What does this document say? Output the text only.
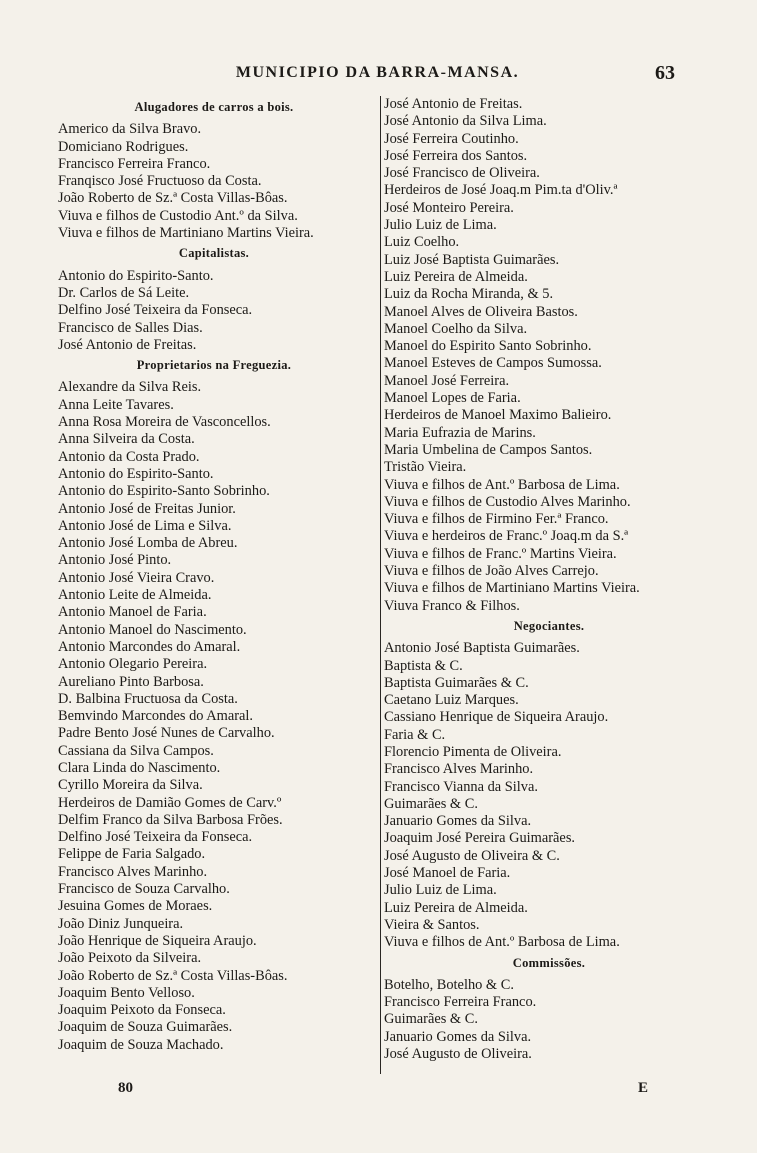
MUNICIPIO DA BARRA-MANSA.	63
Alugadores de carros a bois.
Americo da Silva Bravo.
Domiciano Rodrigues.
Francisco Ferreira Franco.
Franqisco José Fructuoso da Costa.
João Roberto de Sz.ª Costa Villas-Bôas.
Viuva e filhos de Custodio Ant.º da Silva.
Viuva e filhos de Martiniano Martins Vieira.
Capitalistas.
Antonio do Espirito-Santo.
Dr. Carlos de Sá Leite.
Delfino José Teixeira da Fonseca.
Francisco de Salles Dias.
José Antonio de Freitas.
Proprietarios na Freguezia.
Alexandre da Silva Reis.
Anna Leite Tavares.
Anna Rosa Moreira de Vasconcellos.
Anna Silveira da Costa.
Antonio da Costa Prado.
Antonio do Espirito-Santo.
Antonio do Espirito-Santo Sobrinho.
Antonio José de Freitas Junior.
Antonio José de Lima e Silva.
Antonio José Lomba de Abreu.
Antonio José Pinto.
Antonio José Vieira Cravo.
Antonio Leite de Almeida.
Antonio Manoel de Faria.
Antonio Manoel do Nascimento.
Antonio Marcondes do Amaral.
Antonio Olegario Pereira.
Aureliano Pinto Barbosa.
D. Balbina Fructuosa da Costa.
Bemvindo Marcondes do Amaral.
Padre Bento José Nunes de Carvalho.
Cassiana da Silva Campos.
Clara Linda do Nascimento.
Cyrillo Moreira da Silva.
Herdeiros de Damião Gomes de Carv.º
Delfim Franco da Silva Barbosa Frões.
Delfino José Teixeira da Fonseca.
Felippe de Faria Salgado.
Francisco Alves Marinho.
Francisco de Souza Carvalho.
Jesuina Gomes de Moraes.
João Diniz Junqueira.
João Henrique de Siqueira Araujo.
João Peixoto da Silveira.
João Roberto de Sz.ª Costa Villas-Bôas.
Joaquim Bento Velloso.
Joaquim Peixoto da Fonseca.
Joaquim de Souza Guimarães.
Joaquim de Souza Machado.
José Antonio de Freitas.
José Antonio da Silva Lima.
José Ferreira Coutinho.
José Ferreira dos Santos.
José Francisco de Oliveira.
Herdeiros de José Joaq.m Pim.ta d'Oliv.ª
José Monteiro Pereira.
Julio Luiz de Lima.
Luiz Coelho.
Luiz José Baptista Guimarães.
Luiz Pereira de Almeida.
Luiz da Rocha Miranda, & 5.
Manoel Alves de Oliveira Bastos.
Manoel Coelho da Silva.
Manoel do Espirito Santo Sobrinho.
Manoel Esteves de Campos Sumossa.
Manoel José Ferreira.
Manoel Lopes de Faria.
Herdeiros de Manoel Maximo Balieiro.
Maria Eufrazia de Marins.
Maria Umbelina de Campos Santos.
Tristão Vieira.
Viuva e filhos de Ant.º Barbosa de Lima.
Viuva e filhos de Custodio Alves Marinho.
Viuva e filhos de Firmino Fer.ª Franco.
Viuva e herdeiros de Franc.º Joaq.m da S.ª
Viuva e filhos de Franc.º Martins Vieira.
Viuva e filhos de João Alves Carrejo.
Viuva e filhos de Martiniano Martins Vieira.
Viuva Franco & Filhos.
Negociantes.
Antonio José Baptista Guimarães.
Baptista & C.
Baptista Guimarães & C.
Caetano Luiz Marques.
Cassiano Henrique de Siqueira Araujo.
Faria & C.
Florencio Pimenta de Oliveira.
Francisco Alves Marinho.
Francisco Vianna da Silva.
Guimarães & C.
Januario Gomes da Silva.
Joaquim José Pereira Guimarães.
José Augusto de Oliveira & C.
José Manoel de Faria.
Julio Luiz de Lima.
Luiz Pereira de Almeida.
Vieira & Santos.
Viuva e filhos de Ant.º Barbosa de Lima.
Commissões.
Botelho, Botelho & C.
Francisco Ferreira Franco.
Guimarães & C.
Januario Gomes da Silva.
José Augusto de Oliveira.
80	E
